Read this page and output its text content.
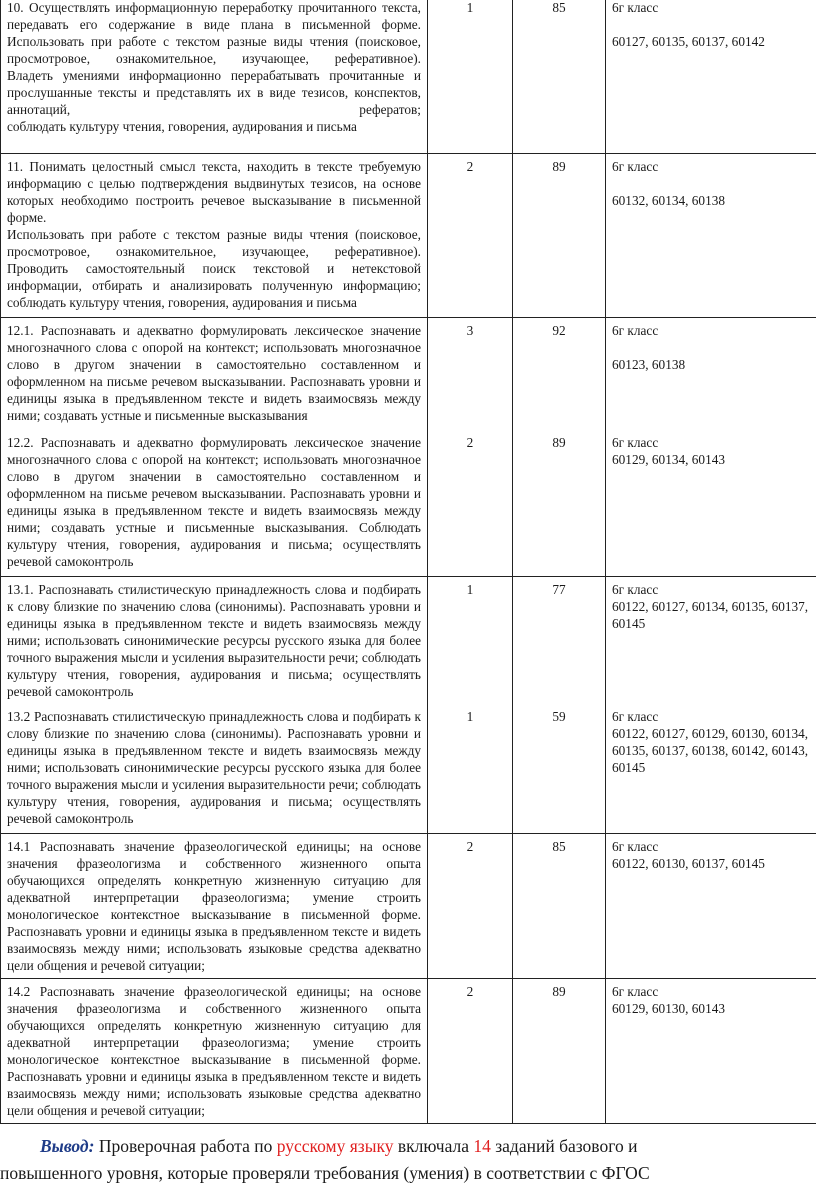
10. Осуществлять информационную переработку прочитанного текста, передавать его содержание в виде плана в письменной форме.
Использовать при работе с текстом разные виды чтения (поисковое, просмотровое, ознакомительное, изучающее, реферативное).
Владеть умениями информационно перерабатывать прочитанные и прослушанные тексты и представлять их в виде тезисов, конспектов, аннотаций, рефератов;
соблюдать культуру чтения, говорения, аудирования и письма	1	85	6г класс
60127, 60135, 60137, 60142

11. Понимать целостный смысл текста, находить в тексте требуемую информацию с целью подтверждения выдвинутых тезисов, на основе которых необходимо построить речевое высказывание в письменной форме.
Использовать при работе с текстом разные виды чтения (поисковое, просмотровое, ознакомительное, изучающее, реферативное).
Проводить самостоятельный поиск текстовой и нетекстовой информации, отбирать и анализировать полученную информацию; соблюдать культуру чтения, говорения, аудирования и письма	2	89	6г класс
60132, 60134, 60138

12.1. Распознавать и адекватно формулировать лексическое значение многозначного слова с опорой на контекст; использовать многозначное слово в другом значении в самостоятельно составленном и оформленном на письме речевом высказывании. Распознавать уровни и единицы языка в предъявленном тексте и видеть взаимосвязь между ними; создавать устные и письменные высказывания	3	92	6г класс
60123, 60138

12.2. Распознавать и адекватно формулировать лексическое значение многозначного слова с опорой на контекст; использовать многозначное слово в другом значении в самостоятельно составленном и оформленном на письме речевом высказывании. Распознавать уровни и единицы языка в предъявленном тексте и видеть взаимосвязь между ними; создавать устные и письменные высказывания. Соблюдать культуру чтения, говорения, аудирования и письма; осуществлять речевой самоконтроль	2	89	6г класс
60129, 60134, 60143

13.1. Распознавать стилистическую принадлежность слова и подбирать к слову близкие по значению слова (синонимы). Распознавать уровни и единицы языка в предъявленном тексте и видеть взаимосвязь между ними; использовать синонимические ресурсы русского языка для более точного выражения мысли и усиления выразительности речи; соблюдать культуру чтения, говорения, аудирования и письма; осуществлять речевой самоконтроль	1	77	6г класс
60122, 60127, 60134, 60135, 60137, 60145

13.2 Распознавать стилистическую принадлежность слова и подбирать к слову близкие по значению слова (синонимы). Распознавать уровни и единицы языка в предъявленном тексте и видеть взаимосвязь между ними; использовать синонимические ресурсы русского языка для более точного выражения мысли и усиления выразительности речи; соблюдать культуру чтения, говорения, аудирования и письма; осуществлять речевой самоконтроль	1	59	6г класс
60122, 60127, 60129, 60130, 60134, 60135, 60137, 60138, 60142, 60143, 60145

14.1 Распознавать значение фразеологической единицы; на основе значения фразеологизма и собственного жизненного опыта обучающихся определять конкретную жизненную ситуацию для адекватной интерпретации фразеологизма; умение строить монологическое контекстное высказывание в письменной форме. Распознавать уровни и единицы языка в предъявленном тексте и видеть взаимосвязь между ними; использовать языковые средства адекватно цели общения и речевой ситуации;	2	85	6г класс
60122, 60130, 60137, 60145

14.2 Распознавать значение фразеологической единицы; на основе значения фразеологизма и собственного жизненного опыта обучающихся определять конкретную жизненную ситуацию для адекватной интерпретации фразеологизма; умение строить монологическое контекстное высказывание в письменной форме. Распознавать уровни и единицы языка в предъявленном тексте и видеть взаимосвязь между ними; использовать языковые средства адекватно цели общения и речевой ситуации;	2	89	6г класс
60129, 60130, 60143
Вывод: Проверочная работа по русскому языку включала 14 заданий базового и
повышенного уровня, которые проверяли требования (умения) в соответствии с ФГОС
